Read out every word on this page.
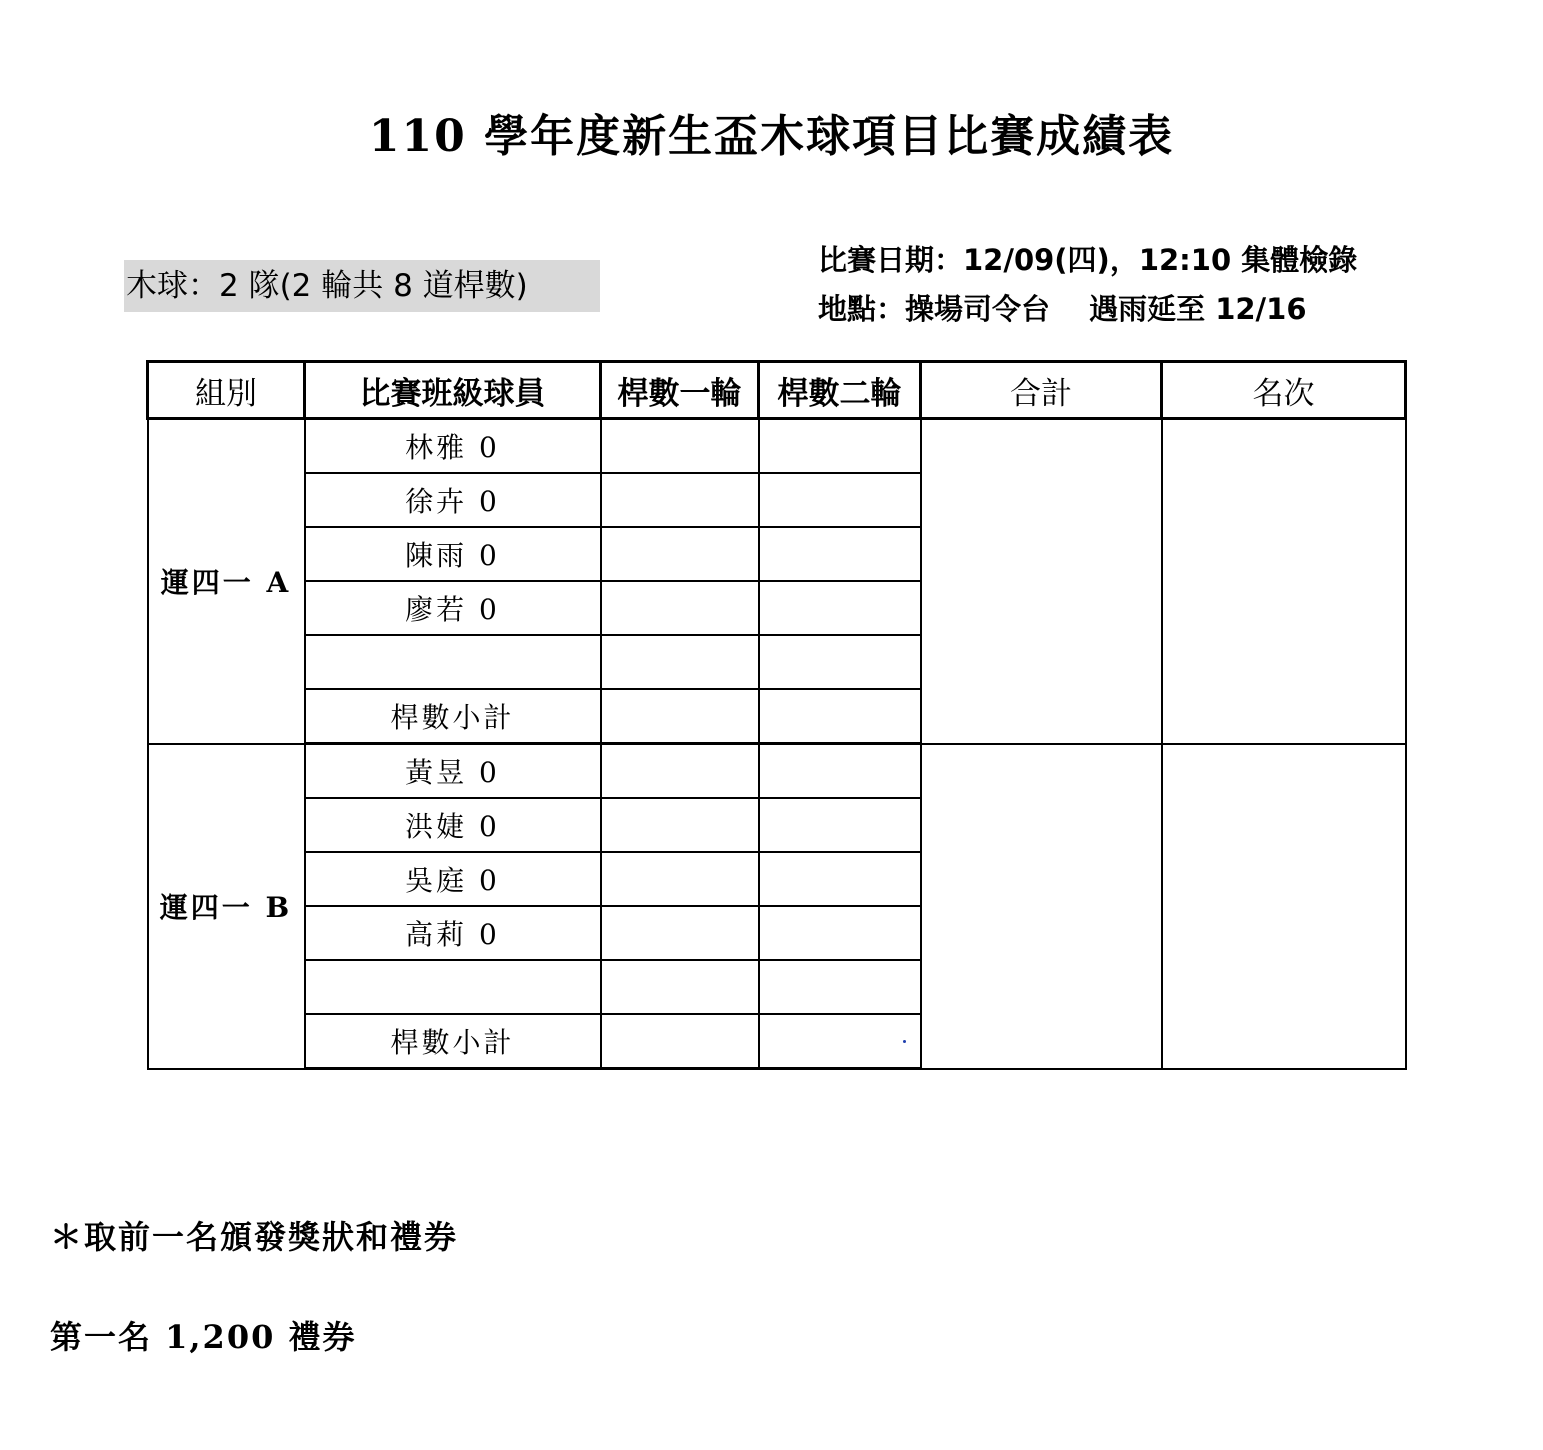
110 學年度新生盃木球項目比賽成績表
木球：2 隊(2 輪共 8 道桿數)
比賽日期：12/09(四)，12:10 集體檢錄
地點：操場司令台　 遇雨延至 12/16
組別	比賽班級球員	桿數一輪	桿數二輪	合計	名次
運四一 A	林雅 0				
	徐卉 0				
	陳雨 0				
	廖若 0				

	桿數小計				
運四一 B	黃昱 0				
	洪婕 0				
	吳庭 0				
	高莉 0				

	桿數小計				
＊取前一名頒發獎狀和禮券
第一名 1,200 禮券
